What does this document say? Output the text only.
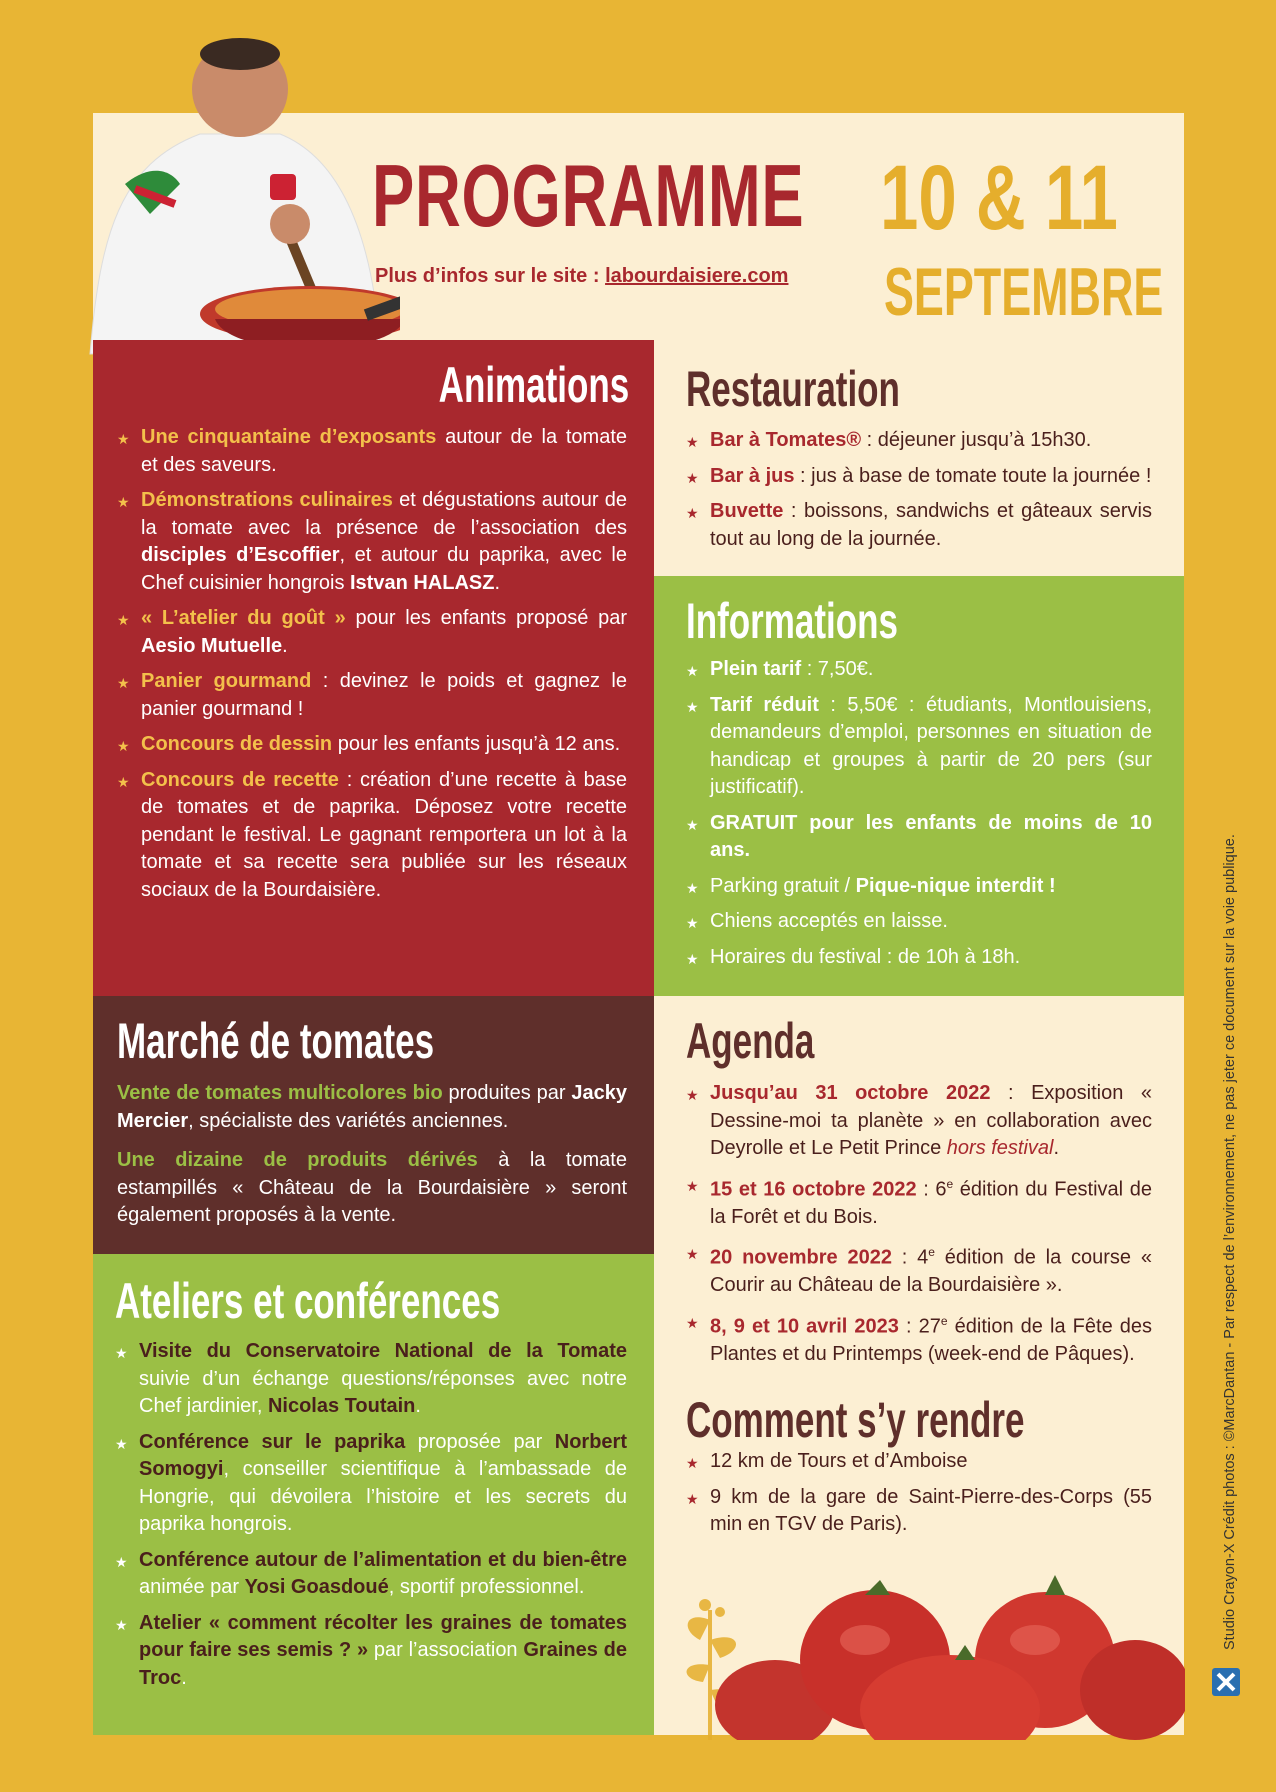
PROGRAMME
Plus d’infos sur le site : labourdaisiere.com
10 & 11
SEPTEMBRE
Animations
★ Une cinquantaine d’exposants autour de la tomate et des saveurs.
★ Démonstrations culinaires et dégustations autour de la tomate avec la présence de l’association des disciples d’Escoffier, et autour du paprika, avec le Chef cuisinier hongrois Istvan HALASZ.
★ « L’atelier du goût » pour les enfants proposé par Aesio Mutuelle.
★ Panier gourmand : devinez le poids et gagnez le panier gourmand !
★ Concours de dessin pour les enfants jusqu’à 12 ans.
★ Concours de recette : création d’une recette à base de tomates et de paprika. Déposez votre recette pendant le festival. Le gagnant remportera un lot à la tomate et sa recette sera publiée sur les réseaux sociaux de la Bourdaisière.
Restauration
★ Bar à Tomates® : déjeuner jusqu’à 15h30.
★ Bar à jus : jus à base de tomate toute la journée !
★ Buvette : boissons, sandwichs et gâteaux servis tout au long de la journée.
Informations
★ Plein tarif : 7,50€.
★ Tarif réduit : 5,50€ : étudiants, Montlouisiens, demandeurs d’emploi, personnes en situation de handicap et groupes à partir de 20 pers (sur justificatif).
★ GRATUIT pour les enfants de moins de 10 ans.
★ Parking gratuit / Pique-nique interdit !
★ Chiens acceptés en laisse.
★ Horaires du festival : de 10h à 18h.
Marché de tomates

Vente de tomates multicolores bio produites par Jacky Mercier, spécialiste des variétés anciennes.

Une dizaine de produits dérivés à la tomate estampillés « Château de la Bourdaisière » seront également proposés à la vente.

Ateliers et conférences
★ Visite du Conservatoire National de la Tomate suivie d’un échange questions/réponses avec notre Chef jardinier, Nicolas Toutain.
★ Conférence sur le paprika proposée par Norbert Somogyi, conseiller scientifique à l’ambassade de Hongrie, qui dévoilera l’histoire et les secrets du paprika hongrois.
★ Conférence autour de l’alimentation et du bien-être animée par Yosi Goasdoué, sportif professionnel.
★ Atelier « comment récolter les graines de tomates pour faire ses semis ? » par l’association Graines de Troc.
Agenda
★ Jusqu’au 31 octobre 2022 : Exposition « Dessine-moi ta planète » en collaboration avec Deyrolle et Le Petit Prince hors festival.
★ 15 et 16 octobre 2022 : 6e édition du Festival de la Forêt et du Bois.
★ 20 novembre 2022 : 4e édition de la course « Courir au Château de la Bourdaisière ».
★ 8, 9 et 10 avril 2023 : 27e édition de la Fête des Plantes et du Printemps (week-end de Pâques).
Comment s’y rendre
★ 12 km de Tours et d’Amboise
★ 9 km de la gare de Saint-Pierre-des-Corps (55 min en TGV de Paris).	Studio Crayon-X Crédit photos : ©MarcDantan - Par respect de l’environnement, ne pas jeter ce document sur la voie publique.
